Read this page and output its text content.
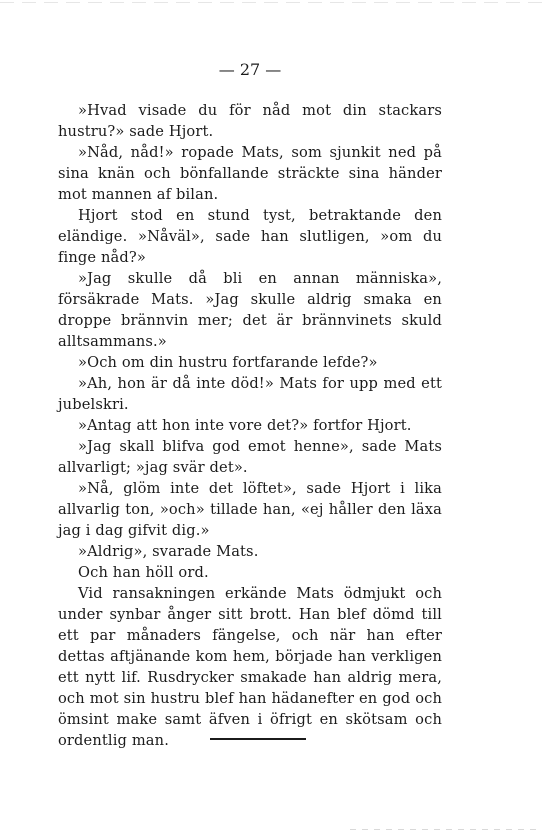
— 27 —

»Hvad visade du för nåd mot din stackars hustru?» sade Hjort.

»Nåd, nåd!» ropade Mats, som sjunkit ned på sina knän och bönfallande sträckte sina händer mot mannen af bilan.

Hjort stod en stund tyst, betraktande den eländige. »Nåväl», sade han slutligen, »om du finge nåd?»

»Jag skulle då bli en annan människa», försäkrade Mats. »Jag skulle aldrig smaka en droppe brännvin mer; det är brännvinets skuld alltsammans.»

»Och om din hustru fortfarande lefde?»

»Ah, hon är då inte död!» Mats for upp med ett jubelskri.

»Antag att hon inte vore det?» fortfor Hjort.

»Jag skall blifva god emot henne», sade Mats allvarligt; »jag svär det».

»Nå, glöm inte det löftet», sade Hjort i lika allvarlig ton, »och» tillade han, «ej håller den läxa jag i dag gifvit dig.»

»Aldrig», svarade Mats.

Och han höll ord.

Vid ransakningen erkände Mats ödmjukt och under synbar ånger sitt brott. Han blef dömd till ett par månaders fängelse, och när han efter dettas aftjänande kom hem, började han verkligen ett nytt lif. Rusdrycker smakade han aldrig mera, och mot sin hustru blef han hädanefter en god och ömsint make samt äfven i öfrigt en skötsam och ordentlig man.
